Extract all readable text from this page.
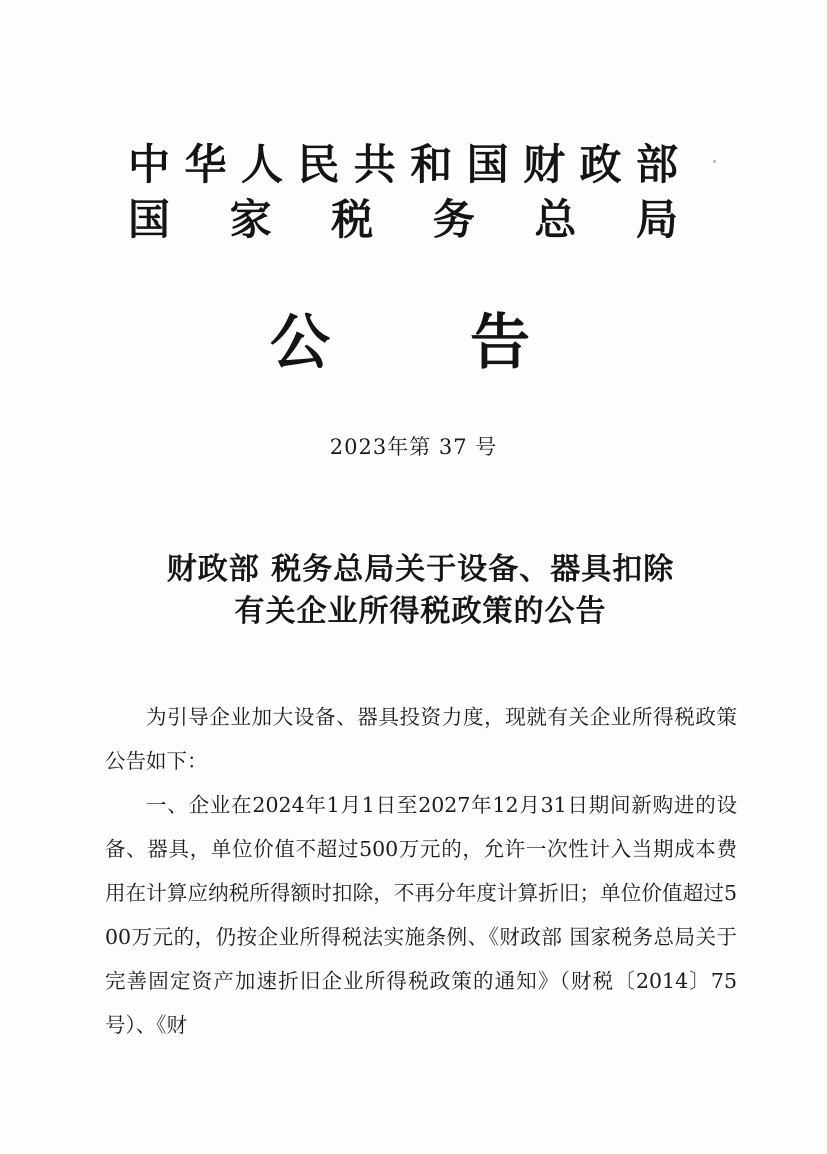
中 华 人 民 共 和 国 财 政 部
国 家 税 务 总 局
公 告
2023年第 37 号
财政部 税务总局关于设备、器具扣除
有关企业所得税政策的公告

为引导企业加大设备、器具投资力度，现就有关企业所得税政策公告如下：

一、企业在2024年1月1日至2027年12月31日期间新购进的设备、器具，单位价值不超过500万元的，允许一次性计入当期成本费用在计算应纳税所得额时扣除，不再分年度计算折旧；单位价值超过500万元的，仍按企业所得税法实施条例、《财政部 国家税务总局关于完善固定资产加速折旧企业所得税政策的通知》（财税〔2014〕75号）、《财
